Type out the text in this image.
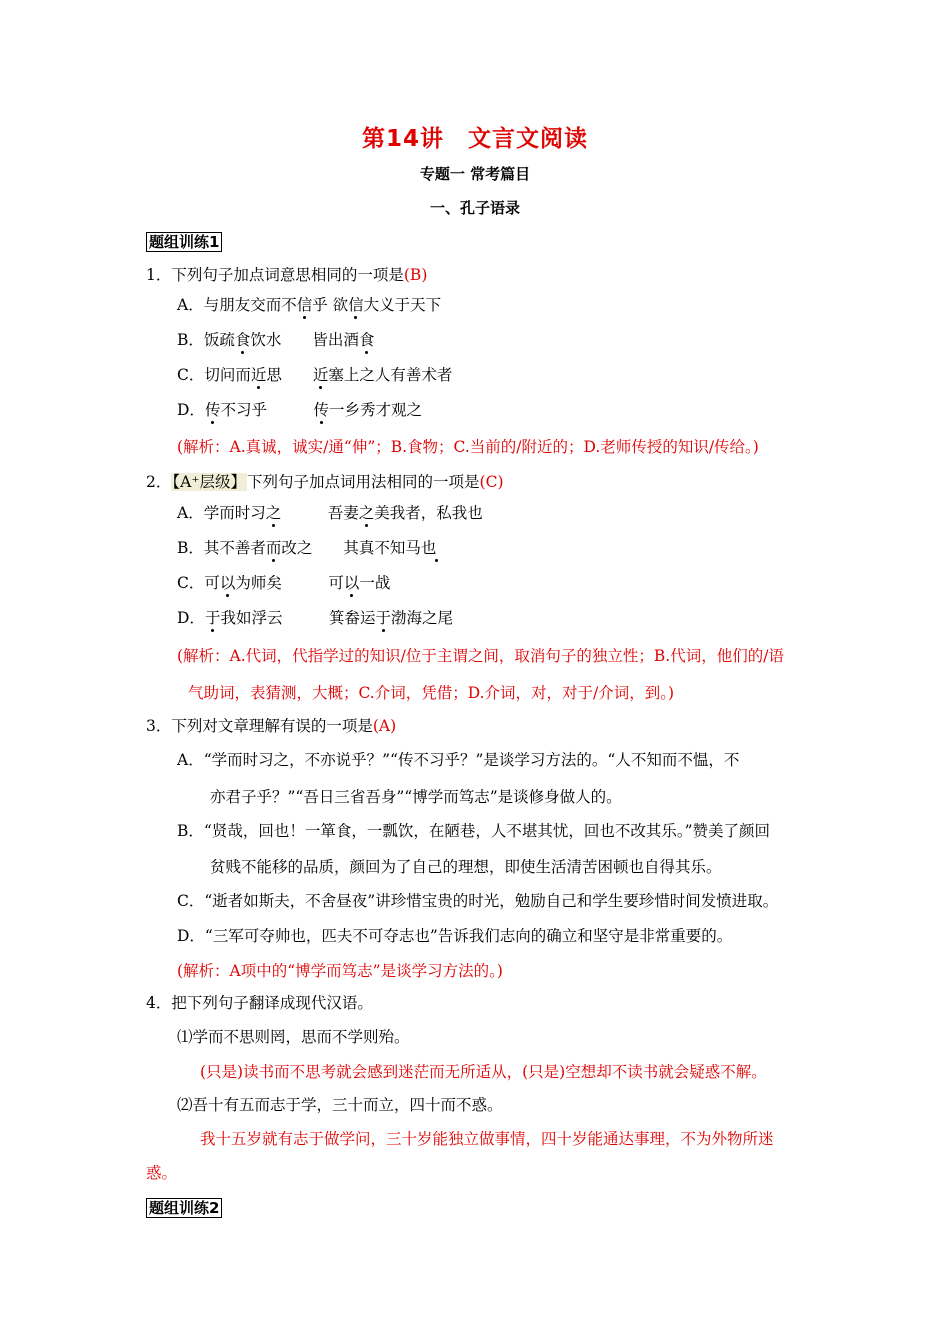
第14讲　文言文阅读
专题一 常考篇目
一、孔子语录
题组训练1
1．下列句子加点词意思相同的一项是(B)
A．与朋友交而不信乎 欲信大义于天下
B．饭疏食饮水　　皆出酒食
C．切问而近思　　近塞上之人有善术者
D．传不习乎　　　传一乡秀才观之
(解析：A.真诚，诚实/通“伸”；B.食物；C.当前的/附近的；D.老师传授的知识/传给。)
2．【A⁺层级】下列句子加点词用法相同的一项是(C)
A．学而时习之　　　吾妻之美我者，私我也
B．其不善者而改之　　其真不知马也
C．可以为师矣　　　可以一战
D．于我如浮云　　　箕畚运于渤海之尾
(解析：A.代词，代指学过的知识/位于主谓之间，取消句子的独立性；B.代词，他们的/语
气助词，表猜测，大概；C.介词，凭借；D.介词，对，对于/介词，到。)
3．下列对文章理解有误的一项是(A)
A．“学而时习之，不亦说乎？”“传不习乎？”是谈学习方法的。“人不知而不愠，不
亦君子乎？”“吾日三省吾身”“博学而笃志”是谈修身做人的。
B．“贤哉，回也！一箪食，一瓢饮，在陋巷，人不堪其忧，回也不改其乐。”赞美了颜回
贫贱不能移的品质，颜回为了自己的理想，即使生活清苦困顿也自得其乐。
C．“逝者如斯夫，不舍昼夜”讲珍惜宝贵的时光，勉励自己和学生要珍惜时间发愤进取。
D．“三军可夺帅也，匹夫不可夺志也”告诉我们志向的确立和坚守是非常重要的。
(解析：A项中的“博学而笃志”是谈学习方法的。)
4．把下列句子翻译成现代汉语。
⑴学而不思则罔，思而不学则殆。
(只是)读书而不思考就会感到迷茫而无所适从，(只是)空想却不读书就会疑惑不解。
⑵吾十有五而志于学，三十而立，四十而不惑。
我十五岁就有志于做学问，三十岁能独立做事情，四十岁能通达事理，不为外物所迷
惑。
题组训练2
